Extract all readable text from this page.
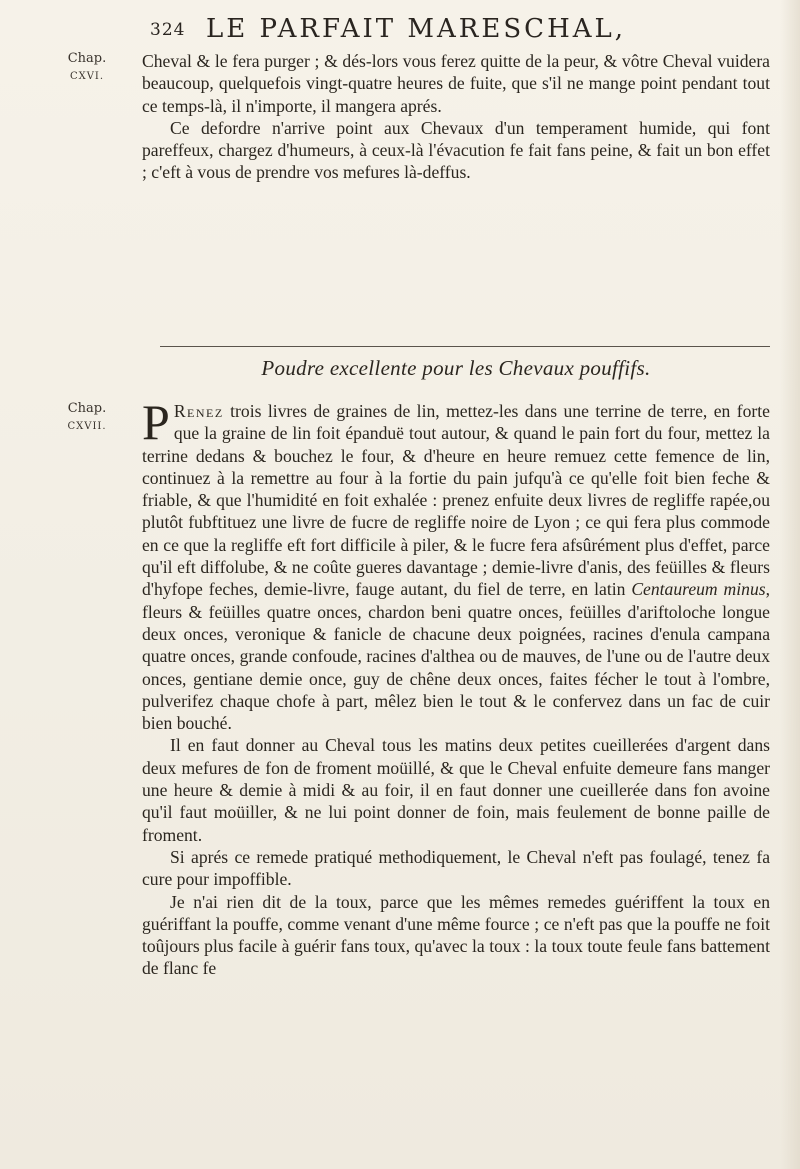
324 LE PARFAIT MARESCHAL,
Chap.
CXVI.
Chap.
CXVII.

Cheval & le fera purger ; & dés-lors vous ferez quitte de la peur, & vôtre Cheval vuidera beaucoup, quelquefois vingt-quatre heures de fuite, que s'il ne mange point pendant tout ce temps-là, il n'importe, il mangera aprés.

Ce defordre n'arrive point aux Chevaux d'un temperament humide, qui font pareffeux, chargez d'humeurs, à ceux-là l'évacution fe fait fans peine, & fait un bon effet ; c'eft à vous de prendre vos mefures là-deffus.

Poudre excellente pour les Chevaux pouffifs.

P Renez trois livres de graines de lin, mettez-les dans une terrine de terre, en forte que la graine de lin foit épanduë tout autour, & quand le pain fort du four, mettez la terrine dedans & bouchez le four, & d'heure en heure remuez cette femence de lin, continuez à la remettre au four à la fortie du pain jufqu'à ce qu'elle foit bien feche & friable, & que l'humidité en foit exhalée : prenez enfuite deux livres de regliffe rapée,ou plutôt fubftituez une livre de fucre de regliffe noire de Lyon ; ce qui fera plus commode en ce que la regliffe eft fort difficile à piler, & le fucre fera afsûrément plus d'effet, parce qu'il eft diffolube, & ne coûte gueres davantage ; demie-livre d'anis, des feüilles & fleurs d'hyfope feches, demie-livre, fauge autant, du fiel de terre, en latin Centaureum minus, fleurs & feüilles quatre onces, chardon beni quatre onces, feüilles d'ariftoloche longue deux onces, veronique & fanicle de chacune deux poignées, racines d'enula campana quatre onces, grande confoude, racines d'althea ou de mauves, de l'une ou de l'autre deux onces, gentiane demie once, guy de chêne deux onces, faites fécher le tout à l'ombre, pulverifez chaque chofe à part, mêlez bien le tout & le confervez dans un fac de cuir bien bouché.

Il en faut donner au Cheval tous les matins deux petites cueillerées d'argent dans deux mefures de fon de froment moüillé, & que le Cheval enfuite demeure fans manger une heure & demie à midi & au foir, il en faut donner une cueillerée dans fon avoine qu'il faut moüiller, & ne lui point donner de foin, mais feulement de bonne paille de froment.

Si aprés ce remede pratiqué methodiquement, le Cheval n'eft pas foulagé, tenez fa cure pour impoffible.

Je n'ai rien dit de la toux, parce que les mêmes remedes guériffent la toux en guériffant la pouffe, comme venant d'une même fource ; ce n'eft pas que la pouffe ne foit toûjours plus facile à guérir fans toux, qu'avec la toux : la toux toute feule fans battement de flanc fe
